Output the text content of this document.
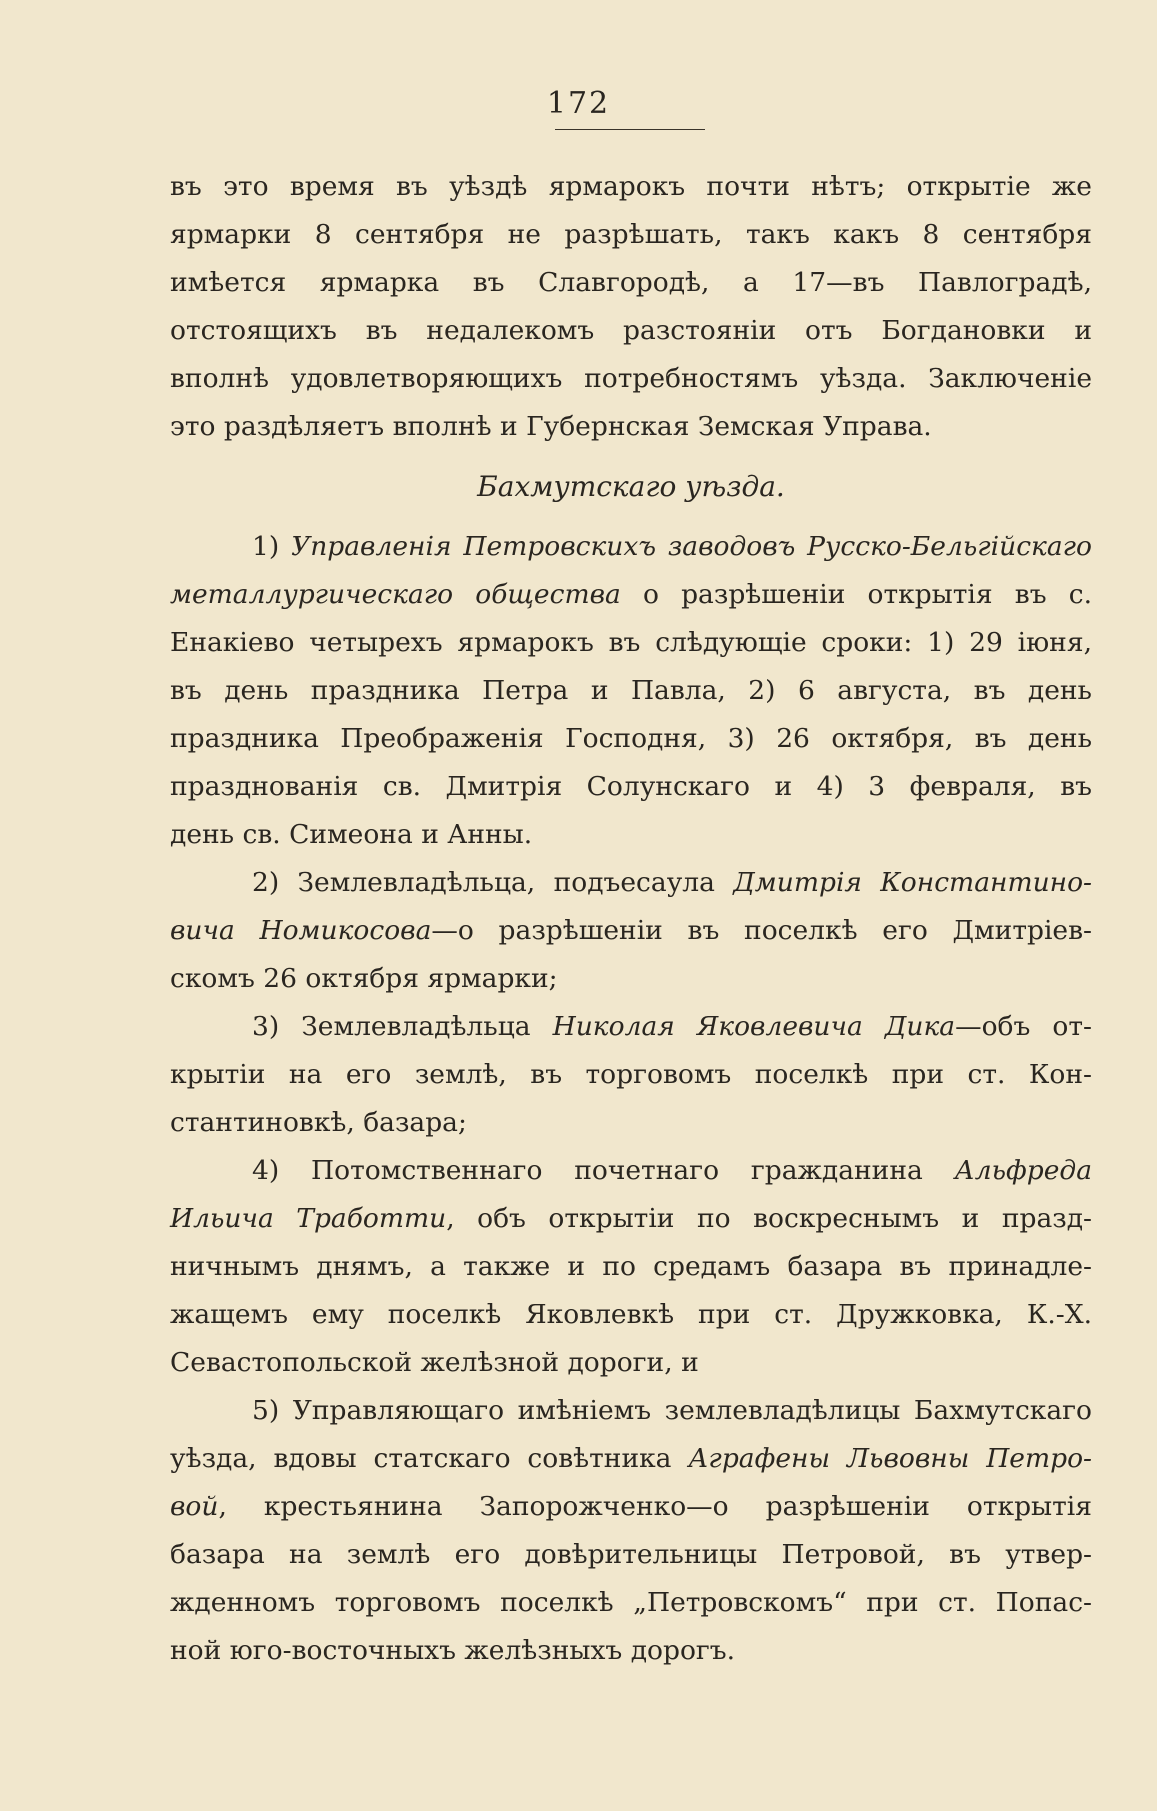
172
въ это время въ уѣздѣ ярмарокъ почти нѣтъ; открытіе же
ярмарки 8 сентября не разрѣшать, такъ какъ 8 сентября
имѣется ярмарка въ Славгородѣ, а 17—въ Павлоградѣ,
отстоящихъ въ недалекомъ разстояніи отъ Богдановки и
вполнѣ удовлетворяющихъ потребностямъ уѣзда. Заключеніе
это раздѣляетъ вполнѣ и Губернская Земская Управа.
Бахмутскаго уѣзда.
1) Управленія Петровскихъ заводовъ Русско-Бельгійскаго
металлургическаго общества о разрѣшеніи открытія въ с.
Енакіево четырехъ ярмарокъ въ слѣдующіе сроки: 1) 29 іюня,
въ день праздника Петра и Павла, 2) 6 августа, въ день
праздника Преображенія Господня, 3) 26 октября, въ день
празднованія св. Дмитрія Солунскаго и 4) 3 февраля, въ
день св. Симеона и Анны.
2) Землевладѣльца, подъесаула Дмитрія Константино-
вича Номикосова—о разрѣшеніи въ поселкѣ его Дмитріев-
скомъ 26 октября ярмарки;
3) Землевладѣльца Николая Яковлевича Дика—объ от-
крытіи на его землѣ, въ торговомъ поселкѣ при ст. Кон-
стантиновкѣ, базара;
4) Потомственнаго почетнаго гражданина Альфреда
Ильича Тработти, объ открытіи по воскреснымъ и празд-
ничнымъ днямъ, а также и по средамъ базара въ принадле-
жащемъ ему поселкѣ Яковлевкѣ при ст. Дружковка, К.-Х.
Севастопольской желѣзной дороги, и
5) Управляющаго имѣніемъ землевладѣлицы Бахмутскаго
уѣзда, вдовы статскаго совѣтника Аграфены Львовны Петро-
вой, крестьянина Запорожченко—о разрѣшеніи открытія
базара на землѣ его довѣрительницы Петровой, въ утвер-
жденномъ торговомъ поселкѣ „Петровскомъ“ при ст. Попас-
ной юго-восточныхъ желѣзныхъ дорогъ.
